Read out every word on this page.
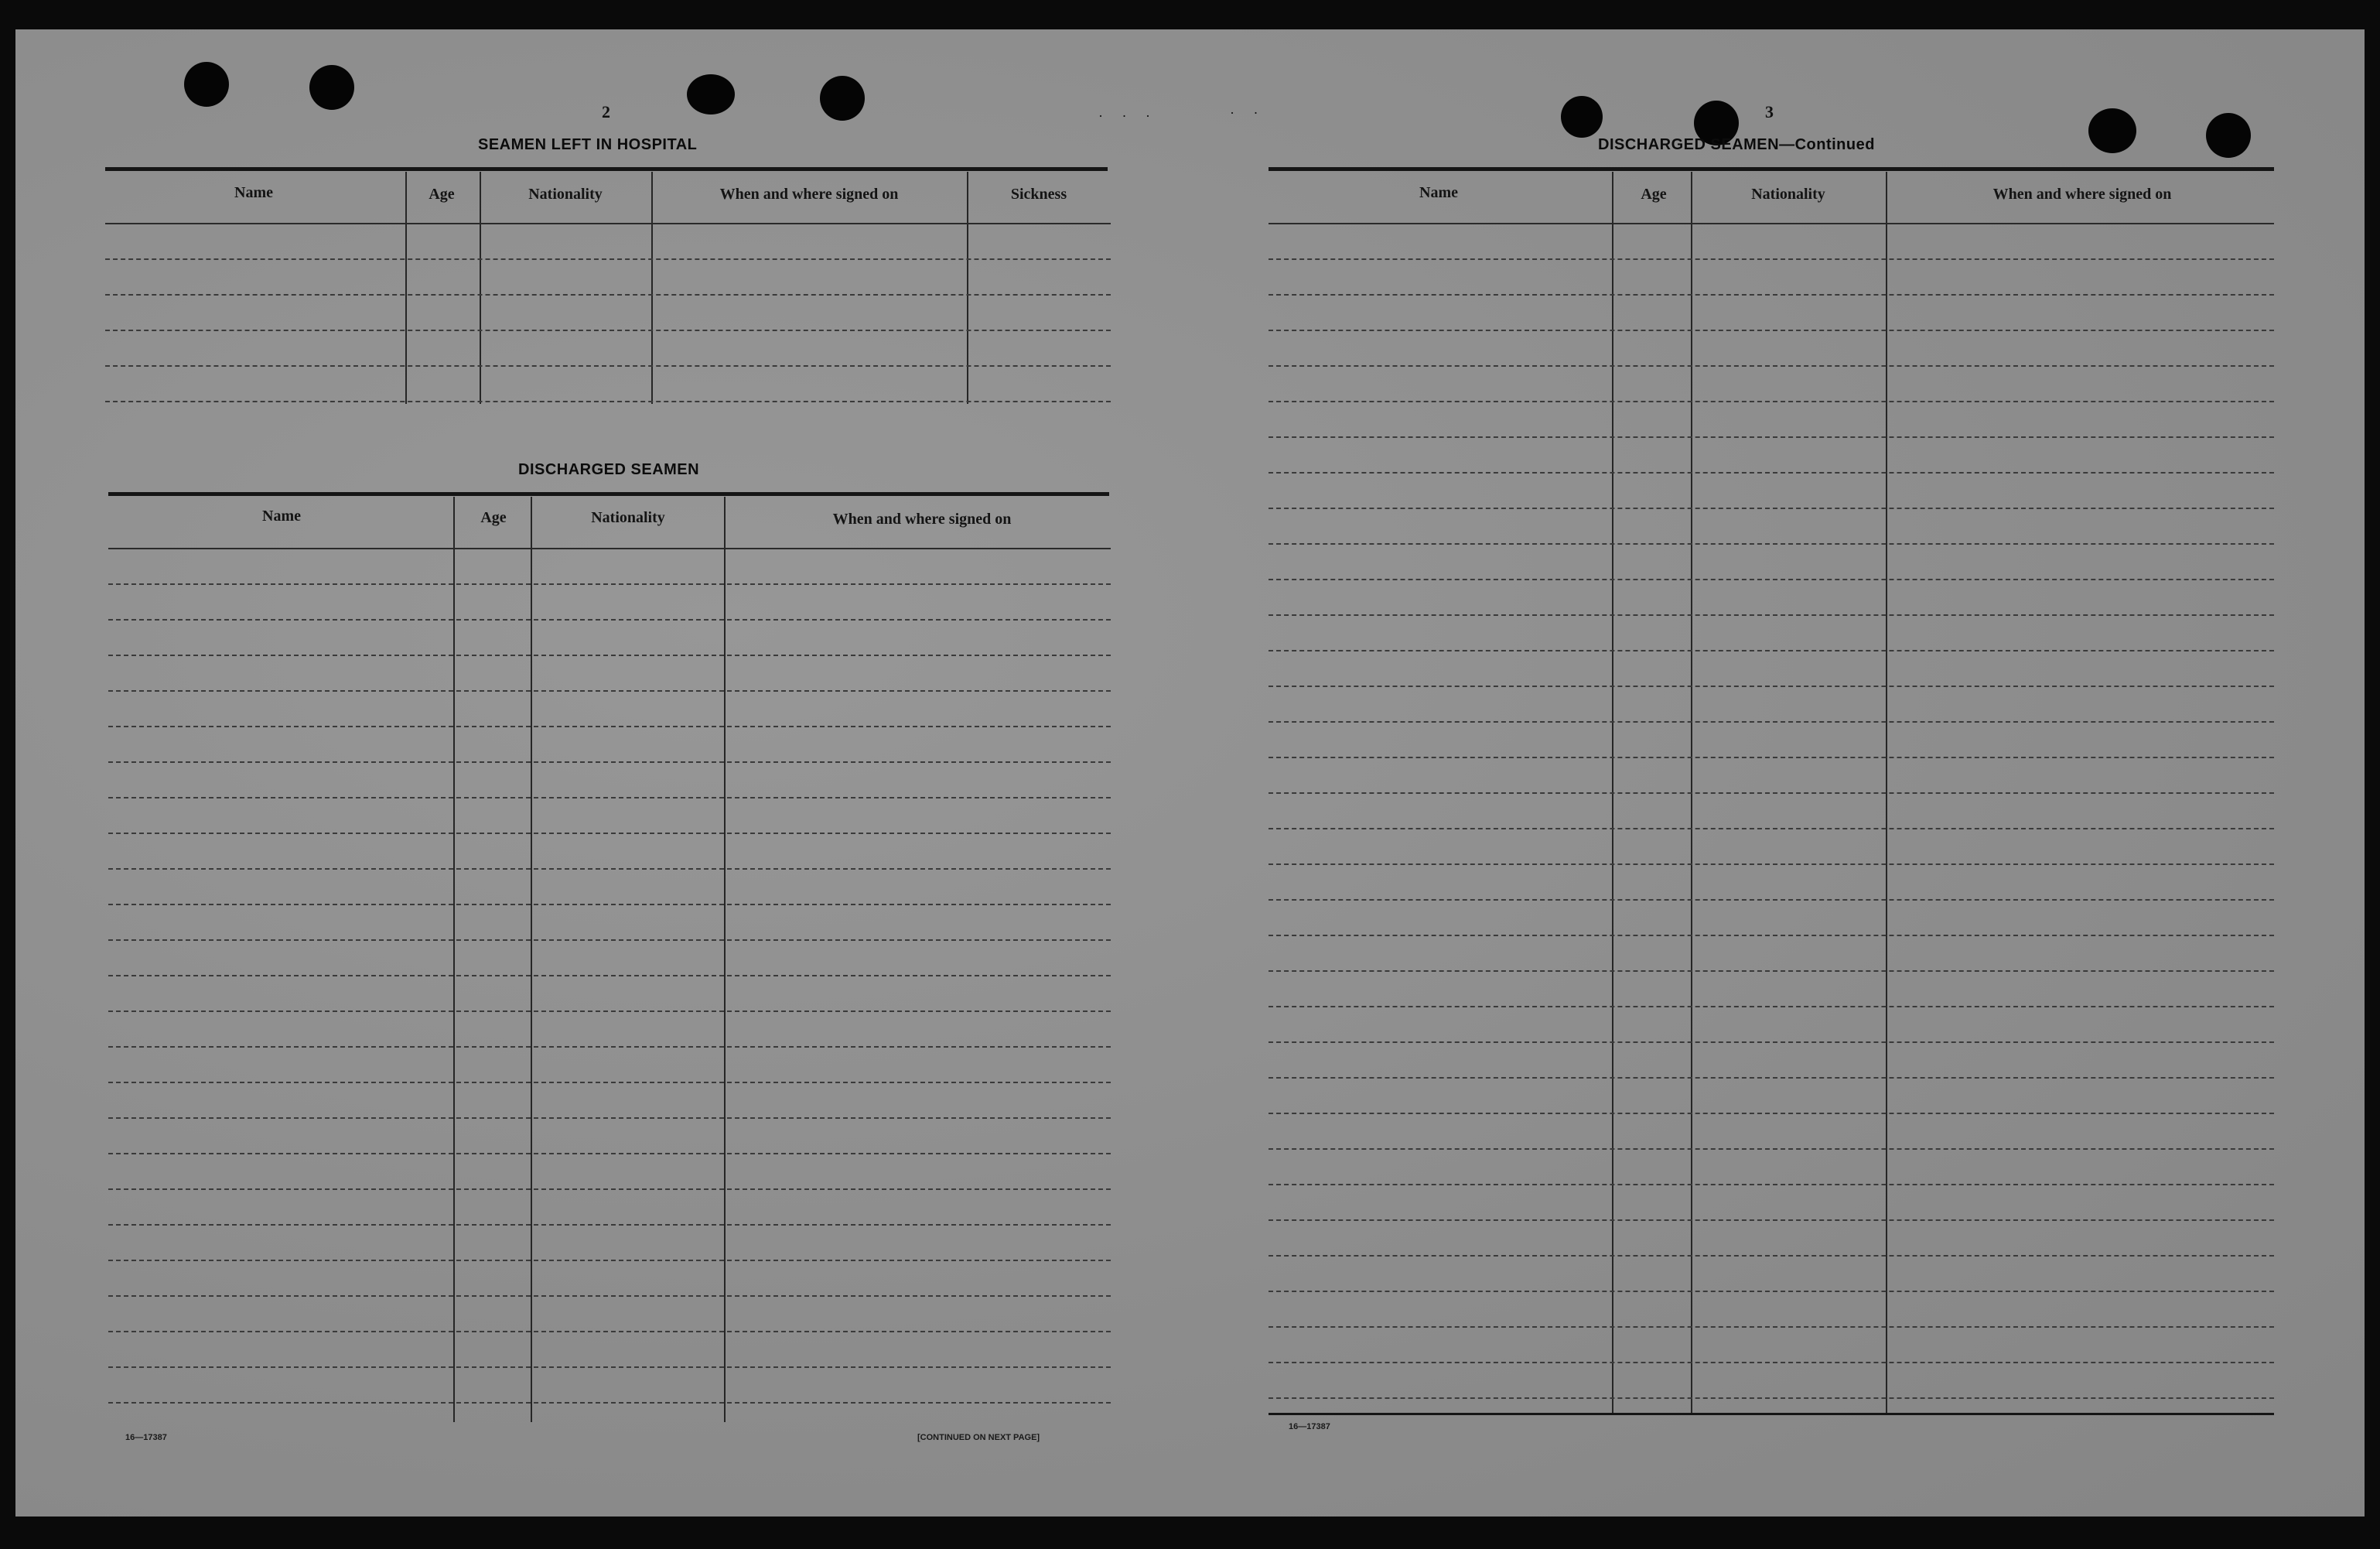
· · ·	· ·
2
SEAMEN LEFT IN HOSPITAL
Name	Age	Nationality	When and where signed on	Sickness
DISCHARGED SEAMEN
Name	Age	Nationality	When and where signed on
16—17387	[CONTINUED ON NEXT PAGE]
3
DISCHARGED SEAMEN—Continued
Name	Age	Nationality	When and where signed on
16—17387
